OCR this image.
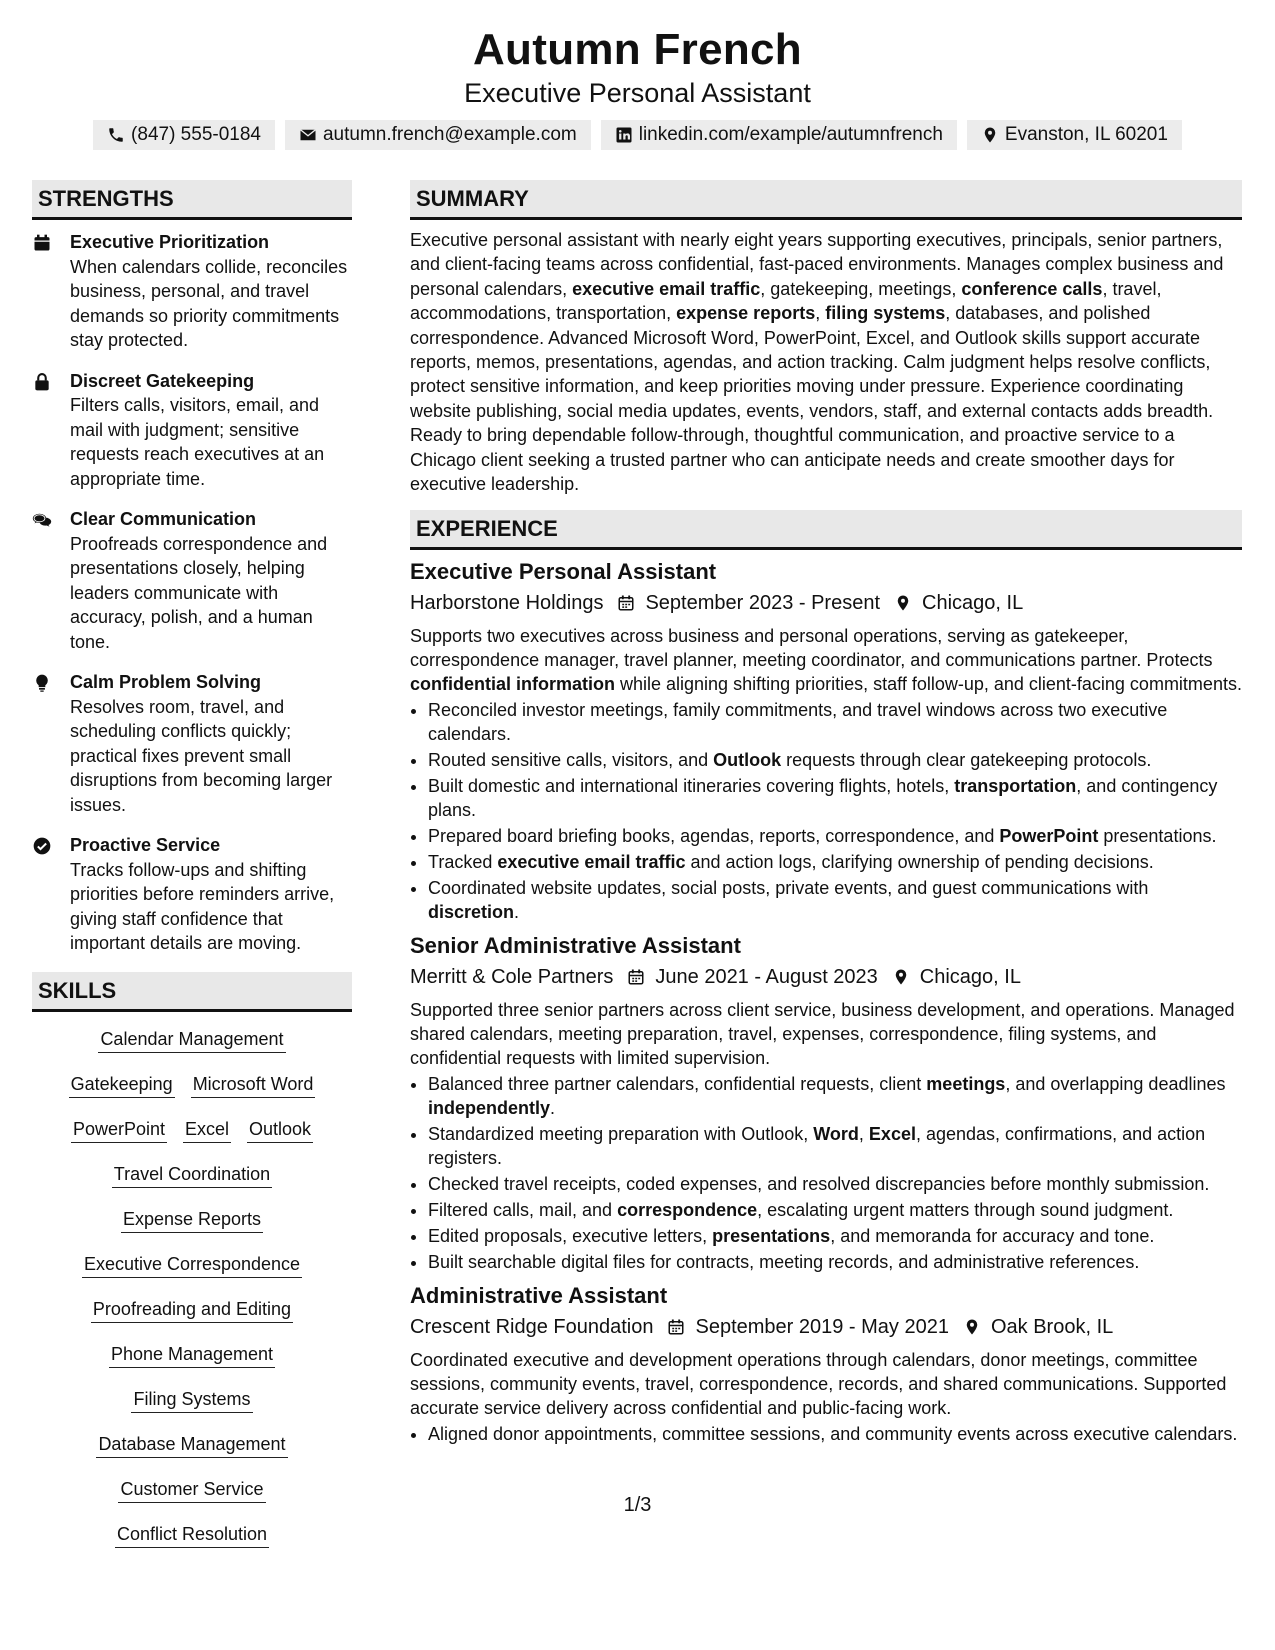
Autumn French
Executive Personal Assistant
(847) 555-0184	autumn.french@example.com	linkedin.com/example/autumnfrench	Evanston, IL 60201
STRENGTHS
Executive Prioritization
When calendars collide, reconciles business, personal, and travel demands so priority commitments stay protected.
Discreet Gatekeeping
Filters calls, visitors, email, and mail with judgment; sensitive requests reach executives at an appropriate time.
Clear Communication
Proofreads correspondence and presentations closely, helping leaders communicate with accuracy, polish, and a human tone.
Calm Problem Solving
Resolves room, travel, and scheduling conflicts quickly; practical fixes prevent small disruptions from becoming larger issues.
Proactive Service
Tracks follow-ups and shifting priorities before reminders arrive, giving staff confidence that important details are moving.
SKILLS
Calendar Management
Gatekeeping Microsoft Word
PowerPoint Excel Outlook
Travel Coordination
Expense Reports
Executive Correspondence
Proofreading and Editing
Phone Management
Filing Systems
Database Management
Customer Service
Conflict Resolution
SUMMARY
Executive personal assistant with nearly eight years supporting executives, principals, senior partners, and client-facing teams across confidential, fast-paced environments. Manages complex business and personal calendars, executive email traffic, gatekeeping, meetings, conference calls, travel, accommodations, transportation, expense reports, filing systems, databases, and polished correspondence. Advanced Microsoft Word, PowerPoint, Excel, and Outlook skills support accurate reports, memos, presentations, agendas, and action tracking. Calm judgment helps resolve conflicts, protect sensitive information, and keep priorities moving under pressure. Experience coordinating website publishing, social media updates, events, vendors, staff, and external contacts adds breadth. Ready to bring dependable follow-through, thoughtful communication, and proactive service to a Chicago client seeking a trusted partner who can anticipate needs and create smoother days for executive leadership.
EXPERIENCE
Executive Personal Assistant
Harborstone Holdings September 2023 - Present Chicago, IL
Supports two executives across business and personal operations, serving as gatekeeper, correspondence manager, travel planner, meeting coordinator, and communications partner. Protects confidential information while aligning shifting priorities, staff follow-up, and client-facing commitments.
• Reconciled investor meetings, family commitments, and travel windows across two executive calendars.
• Routed sensitive calls, visitors, and Outlook requests through clear gatekeeping protocols.
• Built domestic and international itineraries covering flights, hotels, transportation, and contingency plans.
• Prepared board briefing books, agendas, reports, correspondence, and PowerPoint presentations.
• Tracked executive email traffic and action logs, clarifying ownership of pending decisions.
• Coordinated website updates, social posts, private events, and guest communications with discretion.
Senior Administrative Assistant
Merritt & Cole Partners June 2021 - August 2023 Chicago, IL
Supported three senior partners across client service, business development, and operations. Managed shared calendars, meeting preparation, travel, expenses, correspondence, filing systems, and confidential requests with limited supervision.
• Balanced three partner calendars, confidential requests, client meetings, and overlapping deadlines independently.
• Standardized meeting preparation with Outlook, Word, Excel, agendas, confirmations, and action registers.
• Checked travel receipts, coded expenses, and resolved discrepancies before monthly submission.
• Filtered calls, mail, and correspondence, escalating urgent matters through sound judgment.
• Edited proposals, executive letters, presentations, and memoranda for accuracy and tone.
• Built searchable digital files for contracts, meeting records, and administrative references.
Administrative Assistant
Crescent Ridge Foundation September 2019 - May 2021 Oak Brook, IL
Coordinated executive and development operations through calendars, donor meetings, committee sessions, community events, travel, correspondence, records, and shared communications. Supported accurate service delivery across confidential and public-facing work.
• Aligned donor appointments, committee sessions, and community events across executive calendars.
1/3
